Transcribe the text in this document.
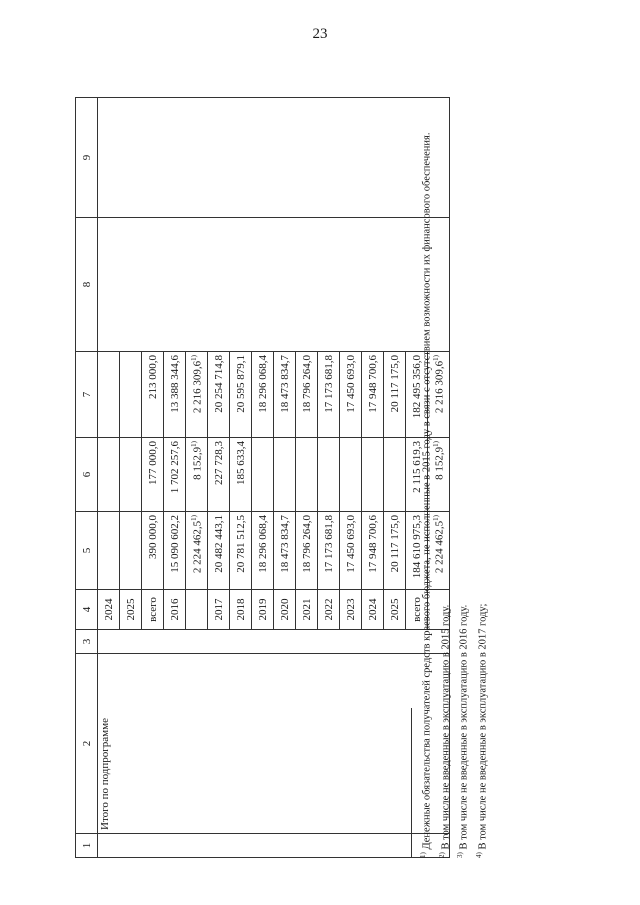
23
1	2	3	4	5	6	7	8	9
	Итого по подпрограмме		2024					
			2025					
			всего	390 000,0	177 000,0	213 000,0		
			2016	15 090 602,2	1 702 257,6	13 388 344,6		
				2 224 462,5$^{1)}$	8 152,9$^{1)}$	2 216 309,6$^{1)}$
			2017	20 482 443,1	227 728,3	20 254 714,8		
			2018	20 781 512,5	185 633,4	20 595 879,1		
			2019	18 296 068,4		18 296 068,4		
			2020	18 473 834,7		18 473 834,7		
			2021	18 796 264,0		18 796 264,0		
			2022	17 173 681,8		17 173 681,8		
			2023	17 450 693,0		17 450 693,0		
			2024	17 948 700,6		17 948 700,6		
			2025	20 117 175,0		20 117 175,0		
			всего	184 610 975,3	2 115 619,3	182 495 356,0		
				2 224 462,5$^{1)}$	8 152,9$^{1)}$	2 216 309,6$^{1)}$

$^{1)}$ Денежные обязательства получателей средств краевого бюджета, не исполненные в 2015 году в связи с отсутствием возможности их финансового обеспечения.

$^{2)}$ В том числе не введенные в эксплуатацию в 2015 году.

$^{3)}$ В том числе не введенные в эксплуатацию в 2016 году.

$^{4)}$ В том числе не введенные в эксплуатацию в 2017 году;
